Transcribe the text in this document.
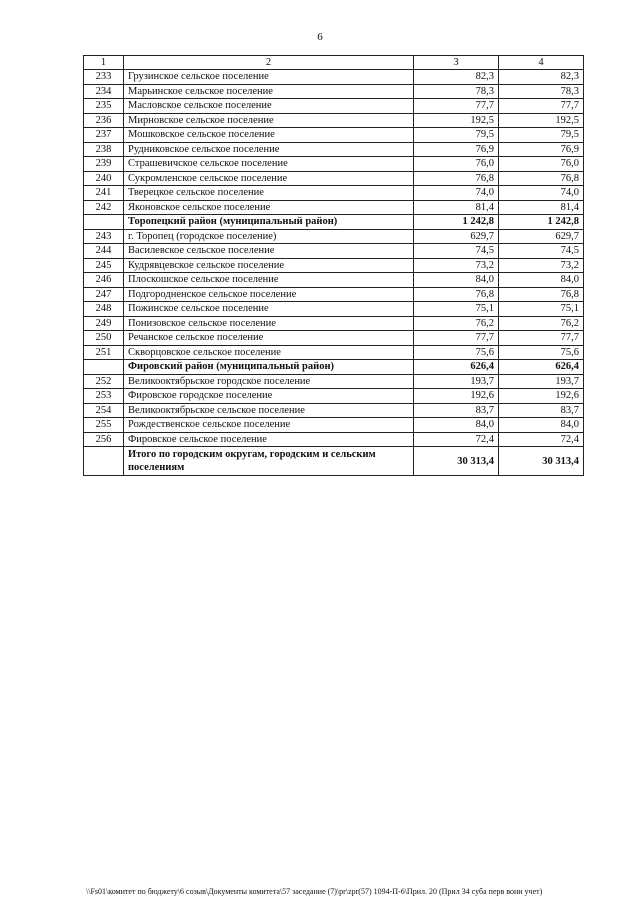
6
1	2	3	4
233	Грузинское сельское поселение	82,3	82,3
234	Марьинское сельское поселение	78,3	78,3
235	Масловское сельское поселение	77,7	77,7
236	Мирновское сельское поселение	192,5	192,5
237	Мошковское сельское поселение	79,5	79,5
238	Рудниковское сельское поселение	76,9	76,9
239	Страшевичское сельское поселение	76,0	76,0
240	Сукромленское сельское поселение	76,8	76,8
241	Тверецкое сельское поселение	74,0	74,0
242	Яконовское сельское поселение	81,4	81,4
	Торопецкий район (муниципальный район)	1 242,8	1 242,8
243	г. Торопец (городское поселение)	629,7	629,7
244	Василевское сельское поселение	74,5	74,5
245	Кудрявцевское сельское поселение	73,2	73,2
246	Плоскошское сельское поселение	84,0	84,0
247	Подгородненское сельское поселение	76,8	76,8
248	Пожинское сельское поселение	75,1	75,1
249	Понизовское сельское поселение	76,2	76,2
250	Речанское сельское поселение	77,7	77,7
251	Скворцовское сельское поселение	75,6	75,6
	Фировский район (муниципальный район)	626,4	626,4
252	Великооктябрьское городское поселение	193,7	193,7
253	Фировское городское поселение	192,6	192,6
254	Великооктябрьское сельское поселение	83,7	83,7
255	Рождественское сельское поселение	84,0	84,0
256	Фировское сельское поселение	72,4	72,4
	Итого по городским округам, городским и сельским поселениям	30 313,4	30 313,4
\\Fs01\комитет по бюджету\6 созыв\Документы комитета\57 заседание (7)\pr\zpr(57) 1094-П-6\Прил. 20 (Прил 34 суба перв вони учет)
